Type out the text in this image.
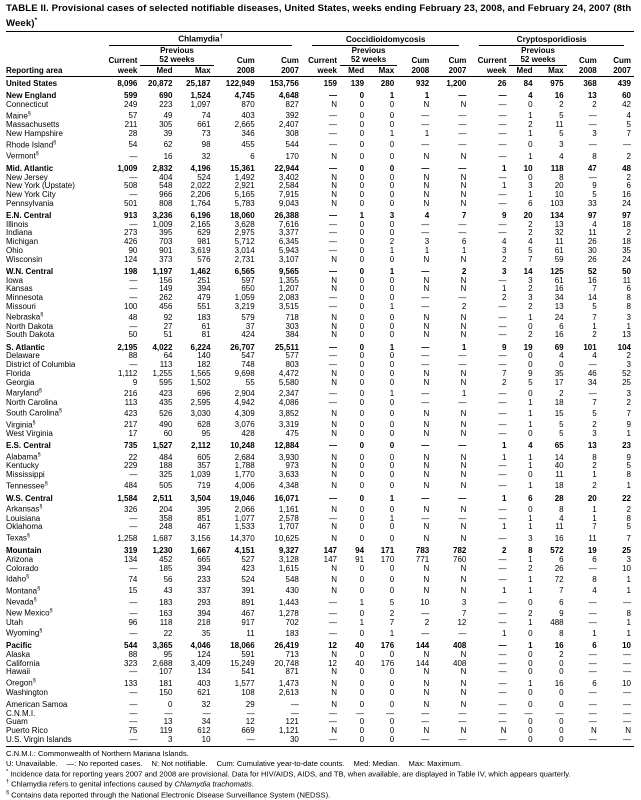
TABLE II. Provisional cases of selected notifiable diseases, United States, weeks ending February 23, 2008, and February 24, 2007 (8th Week)*

	Chlamydia†					Coccidioidomycosis					Cryptosporidiosis				

		Previous					Previous					Previous			
	Current	52 weeks		Cum	Cum	Current	52 weeks		Cum	Cum	Current	52 weeks		Cum	Cum
Reporting area	week	Med	Max	2008	2007	week	Med	Max	2008	2007	week	Med	Max	2008	2007
United States	8,096	20,872	25,187	122,949	153,756	159	139	280	932	1,200	26	84	975	368	439
New England	599	690	1,524	4,745	4,648	—	0	1	1	—	—	4	16	13	60
Connecticut	249	223	1,097	870	827	N	0	0	N	N	—	0	2	2	42
Maine§	57	49	74	403	392	—	0	0	—	—	—	1	5	—	4
Massachusetts	211	305	661	2,665	2,407	—	0	0	—	—	—	2	11	—	5
New Hampshire	28	39	73	346	308	—	0	1	1	—	—	1	5	3	7
Rhode Island§	54	62	98	455	544	—	0	0	—	—	—	0	3	—	—
Vermont§	—	16	32	6	170	N	0	0	N	N	—	1	4	8	2
Mid. Atlantic	1,009	2,832	4,196	15,361	22,944	—	0	0	—	—	1	10	118	47	48
New Jersey	—	404	524	1,492	3,402	N	0	0	N	N	—	0	8	—	2
New York (Upstate)	508	548	2,022	2,921	2,584	N	0	0	N	N	1	3	20	9	6
New York City	—	966	2,206	5,165	7,915	N	0	0	N	N	—	1	10	5	16
Pennsylvania	501	808	1,764	5,783	9,043	N	0	0	N	N	—	6	103	33	24
E.N. Central	913	3,236	6,196	18,060	26,388	—	1	3	4	7	9	20	134	97	97
Illinois	—	1,009	2,165	3,628	7,616	—	0	0	—	—	—	2	13	4	18
Indiana	273	395	629	2,975	3,377	—	0	0	—	—	—	2	32	11	2
Michigan	426	703	981	5,712	6,345	—	0	2	3	6	4	4	11	26	18
Ohio	90	901	3,619	3,014	5,943	—	0	1	1	1	3	5	61	30	35
Wisconsin	124	373	576	2,731	3,107	N	0	0	N	N	2	7	59	26	24
W.N. Central	198	1,197	1,462	6,565	9,565	—	0	1	—	2	3	14	125	52	50
Iowa	—	156	251	597	1,355	N	0	0	N	N	—	3	61	16	11
Kansas	—	149	394	650	1,207	N	0	0	N	N	1	2	16	7	6
Minnesota	—	262	479	1,059	2,083	—	0	0	—	—	2	3	34	14	8
Missouri	100	456	551	3,219	3,515	—	0	1	—	2	—	2	13	5	8
Nebraska§	48	92	183	579	718	N	0	0	N	N	—	1	24	7	3
North Dakota	—	27	61	37	303	N	0	0	N	N	—	0	6	1	1
South Dakota	50	51	81	424	384	N	0	0	N	N	—	2	16	2	13
S. Atlantic	2,195	4,022	6,224	26,707	25,511	—	0	1	—	1	9	19	69	101	104
Delaware	88	64	140	547	577	—	0	0	—	—	—	0	4	4	2
District of Columbia	—	113	182	748	803	—	0	0	—	—	—	0	0	—	3
Florida	1,112	1,255	1,565	9,698	4,472	N	0	0	N	N	7	9	35	46	52
Georgia	9	595	1,502	55	5,580	N	0	0	N	N	2	5	17	34	25
Maryland§	216	423	696	2,904	2,347	—	0	1	—	1	—	0	2	—	3
North Carolina	113	435	2,595	4,942	4,086	—	0	0	—	—	—	1	18	7	2
South Carolina§	423	526	3,030	4,309	3,852	N	0	0	N	N	—	1	15	5	7
Virginia§	217	490	628	3,076	3,319	N	0	0	N	N	—	1	5	2	9
West Virginia	17	60	95	428	475	N	0	0	N	N	—	0	5	3	1
E.S. Central	735	1,527	2,112	10,248	12,884	—	0	0	—	—	1	4	65	13	23
Alabama§	22	484	605	2,684	3,930	N	0	0	N	N	1	1	14	8	9
Kentucky	229	188	357	1,788	973	N	0	0	N	N	—	1	40	2	5
Mississippi	—	325	1,039	1,770	3,633	N	0	0	N	N	—	0	11	1	8
Tennessee§	484	505	719	4,006	4,348	N	0	0	N	N	—	1	18	2	1
W.S. Central	1,584	2,511	3,504	19,046	16,071	—	0	1	—	—	1	6	28	20	22
Arkansas§	326	204	395	2,066	1,161	N	0	0	N	N	—	0	8	1	2
Louisiana	—	358	851	1,077	2,578	—	0	1	—	—	—	1	4	1	8
Oklahoma	—	248	467	1,533	1,707	N	0	0	N	N	1	1	11	7	5
Texas§	1,258	1,687	3,156	14,370	10,625	N	0	0	N	N	—	3	16	11	7
Mountain	319	1,230	1,667	4,151	9,327	147	94	171	783	782	2	8	572	19	25
Arizona	134	452	665	527	3,128	147	91	170	771	760	—	1	6	6	3
Colorado	—	185	394	423	1,615	N	0	0	N	N	—	2	26	—	10
Idaho§	74	56	233	524	548	N	0	0	N	N	—	1	72	8	1
Montana§	15	43	337	391	430	N	0	0	N	N	1	1	7	4	1
Nevada§	—	183	293	891	1,443	—	1	5	10	3	—	0	6	—	—
New Mexico§	—	163	394	467	1,278	—	0	2	—	7	—	2	9	—	8
Utah	96	118	218	917	702	—	1	7	2	12	—	1	488	—	1
Wyoming§	—	22	35	11	183	—	0	1	—	—	1	0	8	1	1
Pacific	544	3,365	4,046	18,066	26,419	12	40	176	144	408	—	1	16	6	10
Alaska	88	95	124	591	713	N	0	0	N	N	—	0	2	—	—
California	323	2,688	3,409	15,249	20,748	12	40	176	144	408	—	0	0	—	—
Hawaii	—	107	134	541	871	N	0	0	N	N	—	0	0	—	—
Oregon§	133	181	403	1,577	1,473	N	0	0	N	N	—	1	16	6	10
Washington	—	150	621	108	2,613	N	0	0	N	N	—	0	0	—	—
American Samoa	—	0	32	29	—	N	0	0	N	N	—	0	0	—	—
C.N.M.I.	—	—	—	—	—	—	—	—	—	—	—	—	—	—	—
Guam	—	13	34	12	121	—	0	0	—	—	—	0	0	—	—
Puerto Rico	75	119	612	669	1,121	N	0	0	N	N	N	0	0	N	N
U.S. Virgin Islands	—	3	10	—	30	—	0	0	—	—	—	0	0	—	—
C.N.M.I.: Commonwealth of Northern Mariana Islands.
U: Unavailable. —: No reported cases. N: Not notifiable. Cum: Cumulative year-to-date counts. Med: Median. Max: Maximum.
* Incidence data for reporting years 2007 and 2008 are provisional. Data for HIV/AIDS, AIDS, and TB, when available, are displayed in Table IV, which appears quarterly.
† Chlamydia refers to genital infections caused by Chlamydia trachomatis.
§ Contains data reported through the National Electronic Disease Surveillance System (NEDSS).
